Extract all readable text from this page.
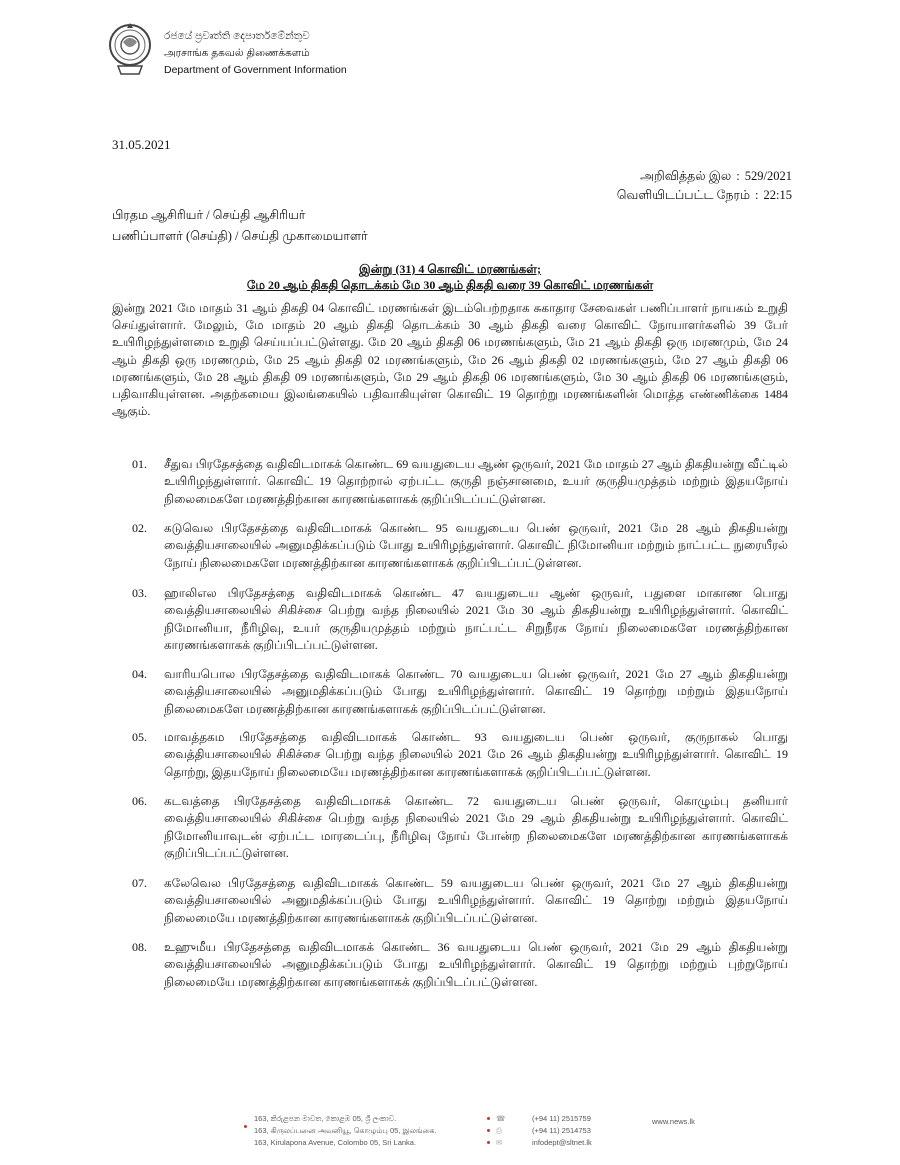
රජයේ ප්‍රවෘත්ති දෙපාර්තමේන්තුව
அரசாங்க தகவல் திணைக்களம்
Department of Government Information
31.05.2021
அறிவித்தல் இல : 529/2021
வெளியிடப்பட்ட நேரம் : 22:15
பிரதம ஆசிரியர் / செய்தி ஆசிரியர்
பணிப்பாளர் (செய்தி) / செய்தி முகாமையாளர்
இன்று (31) 4 கொவிட் மரணங்கள்;
மே 20 ஆம் திகதி தொடக்கம் மே 30 ஆம் திகதி வரை 39 கொவிட் மரணங்கள்
இன்று 2021 மே மாதம் 31 ஆம் திகதி 04 கொவிட் மரணங்கள் இடம்பெற்றதாக சுகாதார சேவைகள் பணிப்பாளர் நாயகம் உறுதி செய்துள்ளார். மேலும், மே மாதம் 20 ஆம் திகதி தொடக்கம் 30 ஆம் திகதி வரை கொவிட் நோயாளர்களில் 39 பேர் உயிரிழந்துள்ளமை உறுதி செய்யப்பட்டுள்ளது. மே 20 ஆம் திகதி 06 மரணங்களும், மே 21 ஆம் திகதி ஒரு மரணமும், மே 24 ஆம் திகதி ஒரு மரணமும், மே 25 ஆம் திகதி 02 மரணங்களும், மே 26 ஆம் திகதி 02 மரணங்களும், மே 27 ஆம் திகதி 06 மரணங்களும், மே 28 ஆம் திகதி 09 மரணங்களும், மே 29 ஆம் திகதி 06 மரணங்களும், மே 30 ஆம் திகதி 06 மரணங்களும், பதிவாகியுள்ளன. அதற்கமைய இலங்கையில் பதிவாகியுள்ள கொவிட் 19 தொற்று மரணங்களின் மொத்த எண்ணிக்கை 1484 ஆகும்.
01.	சீதுவ பிரதேசத்தை வதிவிடமாகக் கொண்ட 69 வயதுடைய ஆண் ஒருவர், 2021 மே மாதம் 27 ஆம் திகதியன்று வீட்டில் உயிரிழந்துள்ளார். கொவிட் 19 தொற்றால் ஏற்பட்ட குருதி நஞ்சானமை, உயர் குருதியமுத்தம் மற்றும் இதயநோய் நிலைமைகளே மரணத்திற்கான காரணங்களாகக் குறிப்பிடப்பட்டுள்ளன.
02.	கடுவெல பிரதேசத்தை வதிவிடமாகக் கொண்ட 95 வயதுடைய பெண் ஒருவர், 2021 மே 28 ஆம் திகதியன்று வைத்தியசாலையில் அனுமதிக்கப்படும் போது உயிரிழந்துள்ளார். கொவிட் நிமோனியா மற்றும் நாட்பட்ட நுரையீரல் நோய் நிலைமைகளே மரணத்திற்கான காரணங்களாகக் குறிப்பிடப்பட்டுள்ளன.
03.	ஹாலிஎல பிரதேசத்தை வதிவிடமாகக் கொண்ட 47 வயதுடைய ஆண் ஒருவர், பதுளை மாகாண பொது வைத்தியசாலையில் சிகிச்சை பெற்று வந்த நிலையில் 2021 மே 30 ஆம் திகதியன்று உயிரிழந்துள்ளார். கொவிட் நிமோனியா, நீரிழிவு, உயர் குருதியமுத்தம் மற்றும் நாட்பட்ட சிறுநீரக நோய் நிலைமைகளே மரணத்திற்கான காரணங்களாகக் குறிப்பிடப்பட்டுள்ளன.
04.	வாரியபொல பிரதேசத்தை வதிவிடமாகக் கொண்ட 70 வயதுடைய பெண் ஒருவர், 2021 மே 27 ஆம் திகதியன்று வைத்தியசாலையில் அனுமதிக்கப்படும் போது உயிரிழந்துள்ளார். கொவிட் 19 தொற்று மற்றும் இதயநோய் நிலைமைகளே மரணத்திற்கான காரணங்களாகக் குறிப்பிடப்பட்டுள்ளன.
05.	மாவத்தகம பிரதேசத்தை வதிவிடமாகக் கொண்ட 93 வயதுடைய பெண் ஒருவர், குருநாகல் பொது வைத்தியசாலையில் சிகிச்சை பெற்று வந்த நிலையில் 2021 மே 26 ஆம் திகதியன்று உயிரிழந்துள்ளார். கொவிட் 19 தொற்று, இதயநோய் நிலைமையே மரணத்திற்கான காரணங்களாகக் குறிப்பிடப்பட்டுள்ளன.
06.	கடவத்தை பிரதேசத்தை வதிவிடமாகக் கொண்ட 72 வயதுடைய பெண் ஒருவர், கொழும்பு தனியார் வைத்தியசாலையில் சிகிச்சை பெற்று வந்த நிலையில் 2021 மே 29 ஆம் திகதியன்று உயிரிழந்துள்ளார். கொவிட் நிமோனியாவுடன் ஏற்பட்ட மாரடைப்பு, நீரிழிவு நோய் போன்ற நிலைமைகளே மரணத்திற்கான காரணங்களாகக் குறிப்பிடப்பட்டுள்ளன.
07.	கலேவெல பிரதேசத்தை வதிவிடமாகக் கொண்ட 59 வயதுடைய பெண் ஒருவர், 2021 மே 27 ஆம் திகதியன்று வைத்தியசாலையில் அனுமதிக்கப்படும் போது உயிரிழந்துள்ளார். கொவிட் 19 தொற்று மற்றும் இதயநோய் நிலைமையே மரணத்திற்கான காரணங்களாகக் குறிப்பிடப்பட்டுள்ளன.
08.	உஹுமீய பிரதேசத்தை வதிவிடமாகக் கொண்ட 36 வயதுடைய பெண் ஒருவர், 2021 மே 29 ஆம் திகதியன்று வைத்தியசாலையில் அனுமதிக்கப்படும் போது உயிரிழந்துள்ளார். கொவிட் 19 தொற்று மற்றும் புற்றுநோய் நிலைமையே மரணத்திற்கான காரணங்களாகக் குறிப்பிடப்பட்டுள்ளன.
163, කිරුළපන මාවත, කොළඹ 05, ශ්‍රී ලංකාව.
163, கிருலப்பனை அவனியூ, கொழும்பு 05, இலங்கை.
163, Kirulapona Avenue, Colombo 05, Sri Lanka.
☎	(+94 11) 2515759
⎙	(+94 11) 2514753
✉	infodept@sltnet.lk
www.news.lk
